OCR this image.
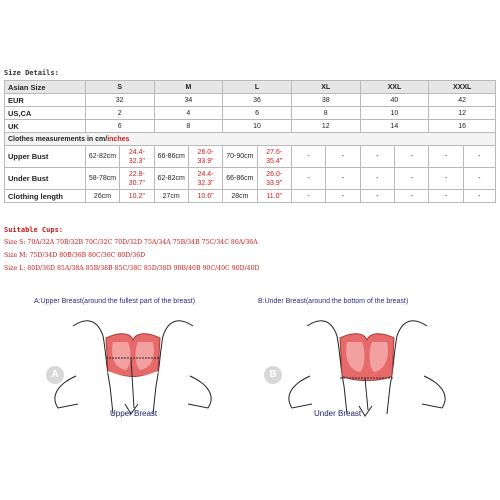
Size Details:
Asian Size	S		M		L		XL		XXL		XXXL	
EUR	32		34		36		38		40		42	
US,CA	2		4		6		8		10		12	
UK	6		8		10		12		14		16	
Clothes measurements in cm/inches												
Upper Bust	62-82cm	24.4-32.3"	66-86cm	26.0-33.9"	70-90cm	27.6-35.4"	-	-	-	-	-	-
Under Bust	58-78cm	22.8-30.7"	62-82cm	24.4-32.3"	66-86cm	26.0-33.9"	-	-	-	-	-	-
Clothing length	26cm	10.2"	27cm	10.6"	28cm	11.0"	-	-	-	-	-	-
Suitable Cups:
Size S: 70A/32A 70B/32B 70C/32C 70D/32D 75A/34A 75B/34B 75C/34C 80A/36A
Size M: 75D/34D 80B/36B 80C/36C 80D/36D
Size L: 80D/36D 85A/38A 85B/38B 85C/38C 85D/38D 90B/40B 90C/40C 90D/40D
A:Upper Breast(around the fullest part of the breast)	B:Under Breast(around the bottom of the breast)
A
Upper Breast
B
Under Breast
